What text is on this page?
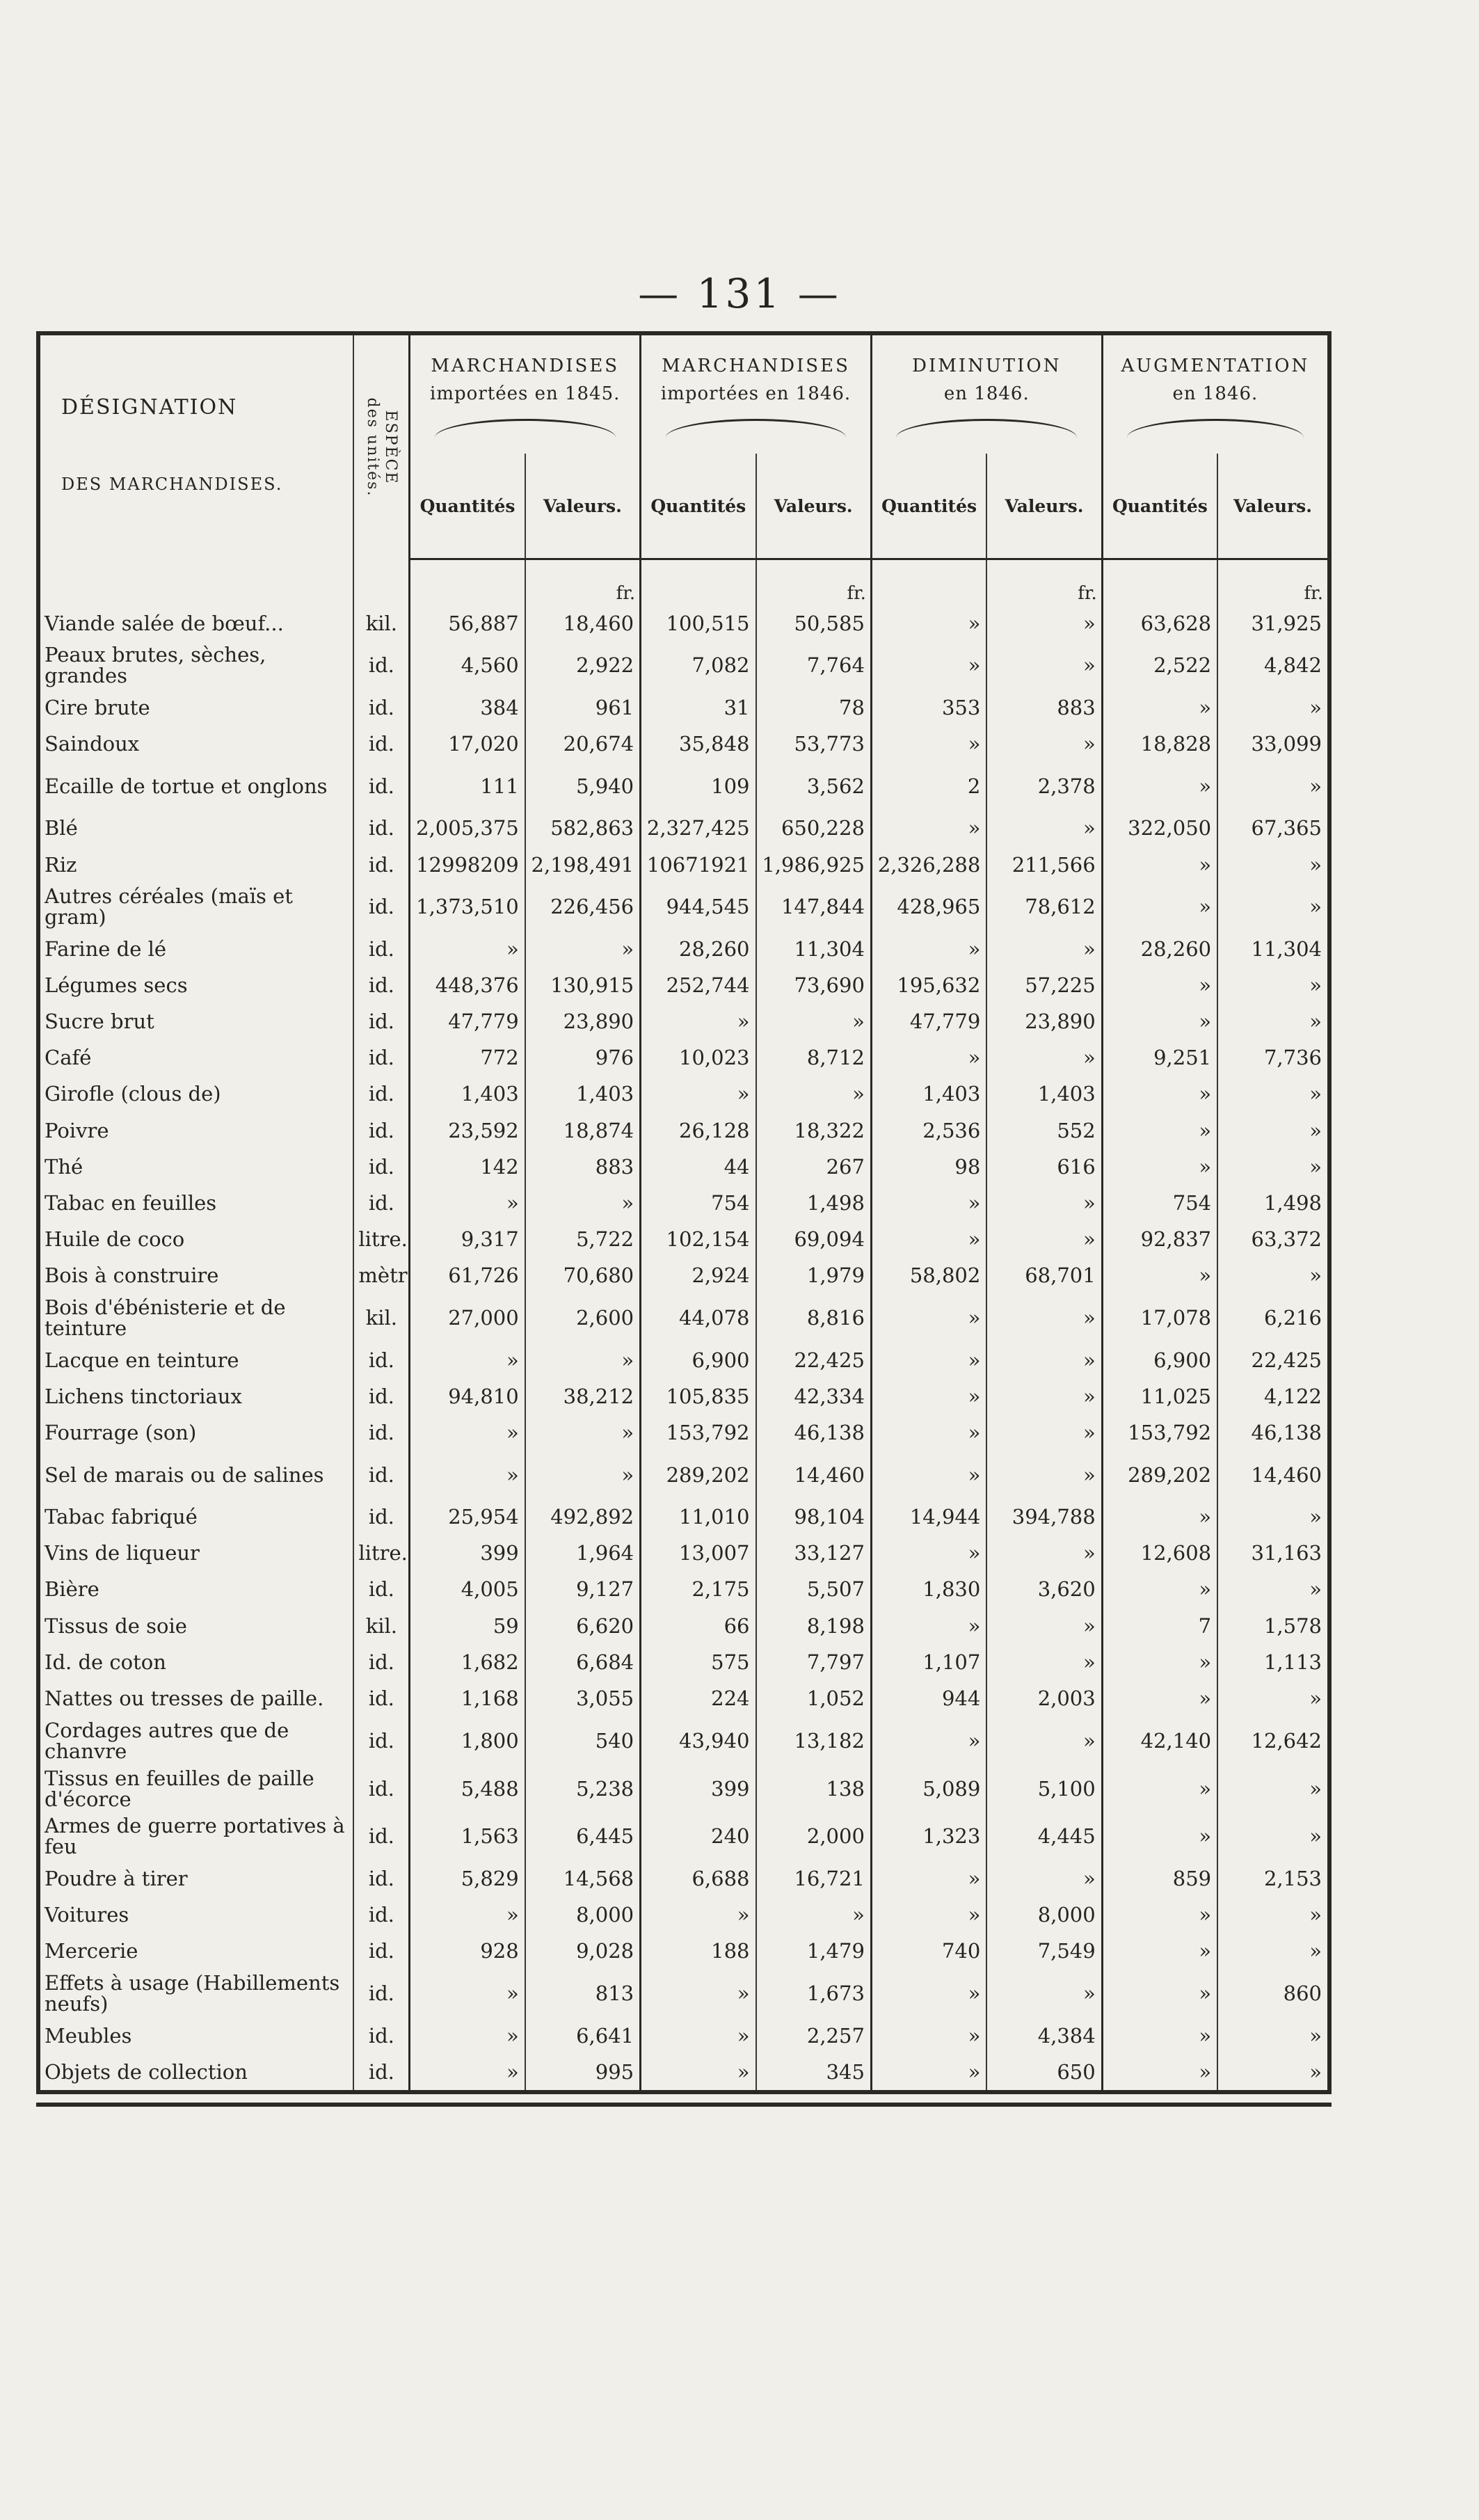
— 131 —
DÉSIGNATION
DES MARCHANDISES.	ESPÈCE
des unités.	MARCHANDISES
importées en 1845.		MARCHANDISES
importées en 1846.		DIMINUTION
en 1846.		AUGMENTATION
en 1846.	

		Quantités	Valeurs.	Quantités	Valeurs.	Quantités	Valeurs.	Quantités	Valeurs.
			fr.		fr.		fr.		fr.
Viande salée de bœuf...	kil.	56,887	18,460	100,515	50,585	»	»	63,628	31,925
Peaux brutes, sèches, grandes	id.	4,560	2,922	7,082	7,764	»	»	2,522	4,842
Cire brute	id.	384	961	31	78	353	883	»	»
Saindoux	id.	17,020	20,674	35,848	53,773	»	»	18,828	33,099
Ecaille de tortue et onglons	id.	111	5,940	109	3,562	2	2,378	»	»
Blé	id.	2,005,375	582,863	2,327,425	650,228	»	»	322,050	67,365
Riz	id.	12998209	2,198,491	10671921	1,986,925	2,326,288	211,566	»	»
Autres céréales (maïs et gram)	id.	1,373,510	226,456	944,545	147,844	428,965	78,612	»	»
Farine de lé	id.	»	»	28,260	11,304	»	»	28,260	11,304
Légumes secs	id.	448,376	130,915	252,744	73,690	195,632	57,225	»	»
Sucre brut	id.	47,779	23,890	»	»	47,779	23,890	»	»
Café	id.	772	976	10,023	8,712	»	»	9,251	7,736
Girofle (clous de)	id.	1,403	1,403	»	»	1,403	1,403	»	»
Poivre	id.	23,592	18,874	26,128	18,322	2,536	552	»	»
Thé	id.	142	883	44	267	98	616	»	»
Tabac en feuilles	id.	»	»	754	1,498	»	»	754	1,498
Huile de coco	litre.	9,317	5,722	102,154	69,094	»	»	92,837	63,372
Bois à construire	mètr	61,726	70,680	2,924	1,979	58,802	68,701	»	»
Bois d'ébénisterie et de teinture	kil.	27,000	2,600	44,078	8,816	»	»	17,078	6,216
Lacque en teinture	id.	»	»	6,900	22,425	»	»	6,900	22,425
Lichens tinctoriaux	id.	94,810	38,212	105,835	42,334	»	»	11,025	4,122
Fourrage (son)	id.	»	»	153,792	46,138	»	»	153,792	46,138
Sel de marais ou de salines	id.	»	»	289,202	14,460	»	»	289,202	14,460
Tabac fabriqué	id.	25,954	492,892	11,010	98,104	14,944	394,788	»	»
Vins de liqueur	litre.	399	1,964	13,007	33,127	»	»	12,608	31,163
Bière	id.	4,005	9,127	2,175	5,507	1,830	3,620	»	»
Tissus de soie	kil.	59	6,620	66	8,198	»	»	7	1,578
Id. de coton	id.	1,682	6,684	575	7,797	1,107	»	»	1,113
Nattes ou tresses de paille.	id.	1,168	3,055	224	1,052	944	2,003	»	»
Cordages autres que de chanvre	id.	1,800	540	43,940	13,182	»	»	42,140	12,642
Tissus en feuilles de paille d'écorce	id.	5,488	5,238	399	138	5,089	5,100	»	»
Armes de guerre portatives à feu	id.	1,563	6,445	240	2,000	1,323	4,445	»	»
Poudre à tirer	id.	5,829	14,568	6,688	16,721	»	»	859	2,153
Voitures	id.	»	8,000	»	»	»	8,000	»	»
Mercerie	id.	928	9,028	188	1,479	740	7,549	»	»
Effets à usage (Habillements neufs)	id.	»	813	»	1,673	»	»	»	860
Meubles	id.	»	6,641	»	2,257	»	4,384	»	»
Objets de collection	id.	»	995	»	345	»	650	»	»
